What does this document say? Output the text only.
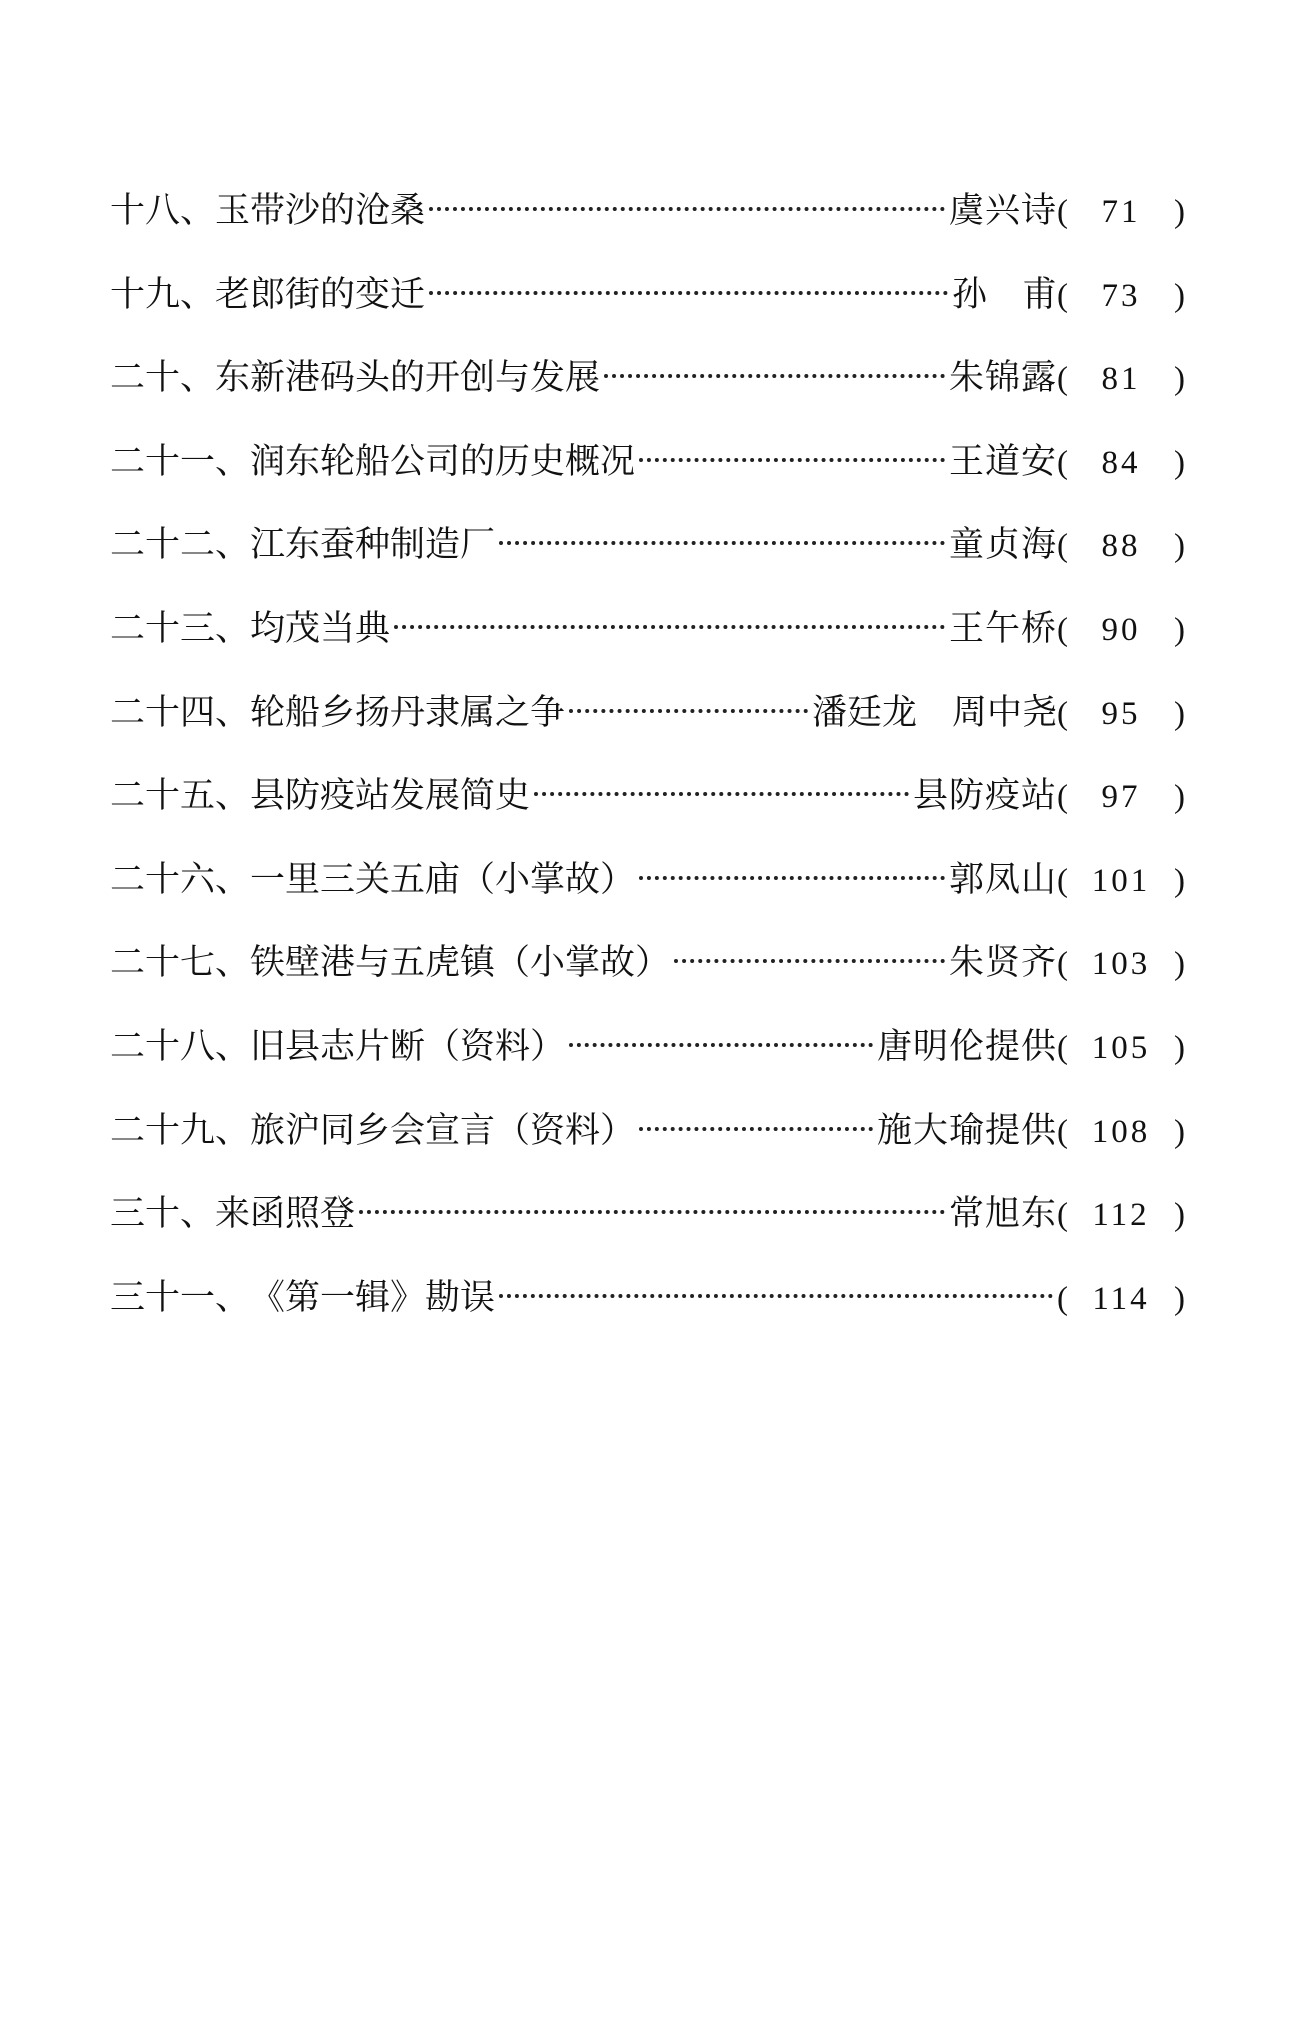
十八、 玉带沙的沧桑	虞兴诗 (	71	)
十九、 老郎街的变迁	孙　甫 (	73	)
二十、 东新港码头的开创与发展	朱锦露 (	81	)
二十一、 润东轮船公司的历史概况	王道安 (	84	)
二十二、 江东蚕种制造厂	童贞海 (	88	)
二十三、 均茂当典	王午桥 (	90	)
二十四、 轮船乡扬丹隶属之争	潘廷龙　周中尧 (	95	)
二十五、 县防疫站发展简史	县防疫站 (	97	)
二十六、 一里三关五庙（小掌故）	郭凤山 ( 101 )
二十七、 铁壁港与五虎镇（小掌故）	朱贤齐 ( 103 )
二十八、 旧县志片断（资料）	唐明伦提供 ( 105 )
二十九、 旅沪同乡会宣言（资料）	施大瑜提供 ( 108 )
三十、 来函照登	常旭东 ( 112 )
三十一、 《第一辑》勘误	( 114 )
